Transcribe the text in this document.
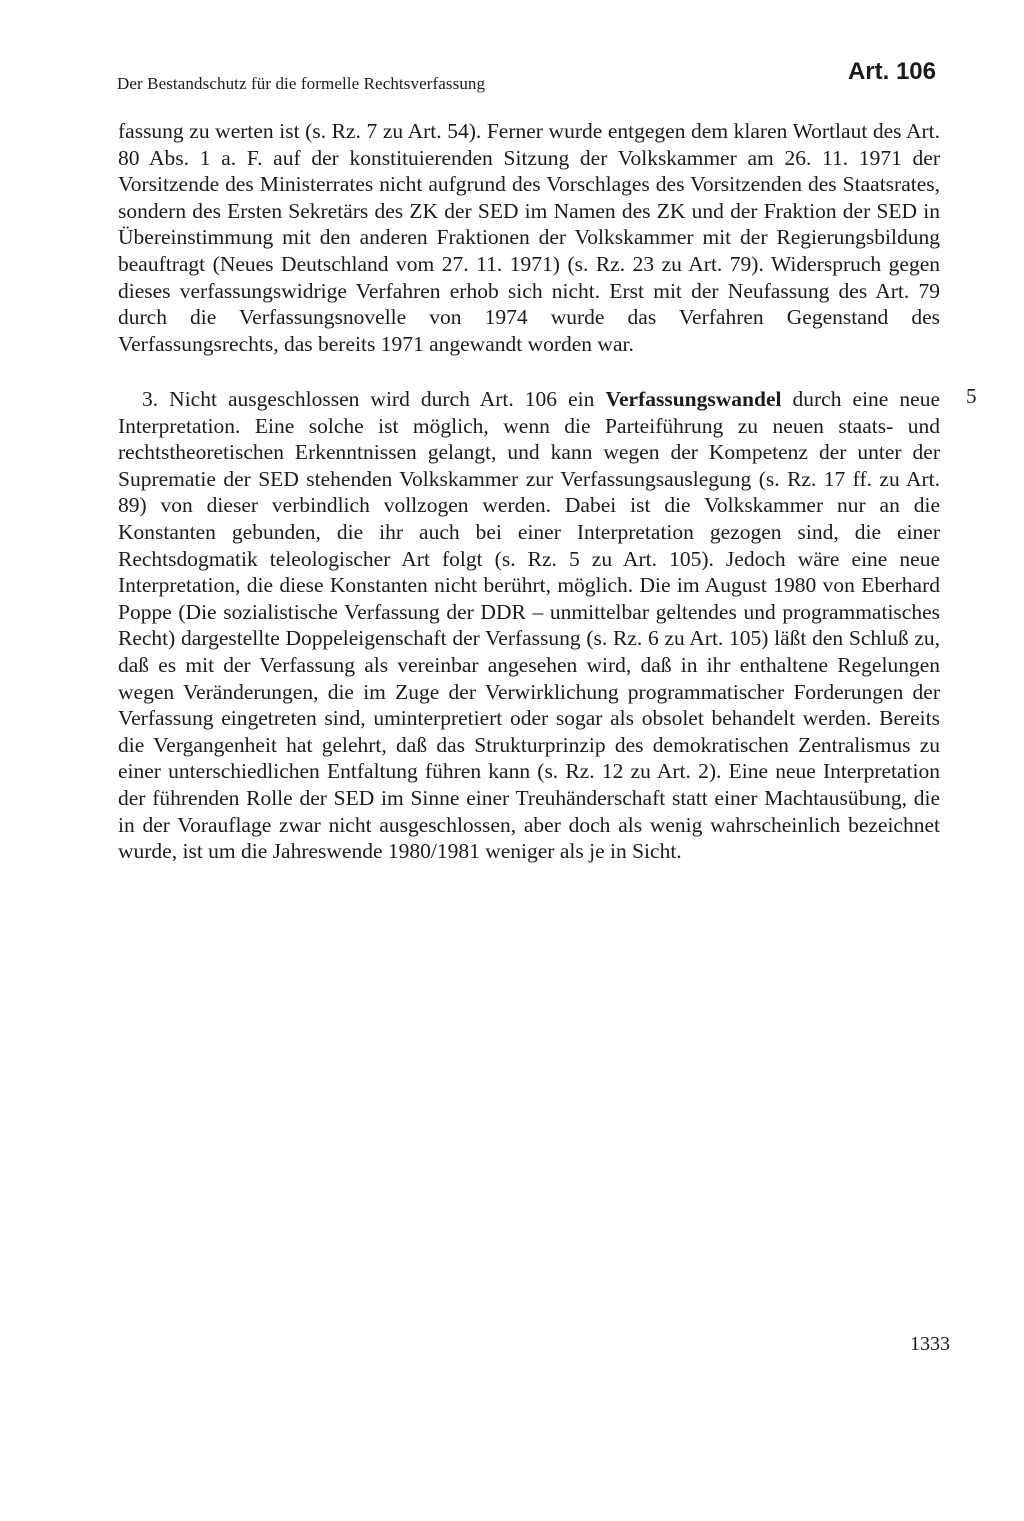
Der Bestandschutz für die formelle Rechtsverfassung	Art. 106
fassung zu werten ist (s. Rz. 7 zu Art. 54). Ferner wurde entgegen dem klaren Wortlaut des Art. 80 Abs. 1 a. F. auf der konstituierenden Sitzung der Volkskammer am 26. 11. 1971 der Vorsitzende des Ministerrates nicht aufgrund des Vorschlages des Vorsitzenden des Staatsrates, sondern des Ersten Sekretärs des ZK der SED im Namen des ZK und der Fraktion der SED in Übereinstimmung mit den anderen Fraktionen der Volkskammer mit der Regierungsbildung beauftragt (Neues Deutschland vom 27. 11. 1971) (s. Rz. 23 zu Art. 79). Widerspruch gegen dieses verfassungswidrige Verfahren erhob sich nicht. Erst mit der Neufassung des Art. 79 durch die Verfassungsnovelle von 1974 wurde das Verfahren Gegenstand des Verfassungsrechts, das bereits 1971 angewandt worden war.
5
3. Nicht ausgeschlossen wird durch Art. 106 ein Verfassungswandel durch eine neue Interpretation. Eine solche ist möglich, wenn die Parteiführung zu neuen staats- und rechtstheoretischen Erkenntnissen gelangt, und kann wegen der Kompetenz der unter der Suprematie der SED stehenden Volkskammer zur Verfassungsauslegung (s. Rz. 17 ff. zu Art. 89) von dieser verbindlich vollzogen werden. Dabei ist die Volkskammer nur an die Konstanten gebunden, die ihr auch bei einer Interpretation gezogen sind, die einer Rechtsdogmatik teleologischer Art folgt (s. Rz. 5 zu Art. 105). Jedoch wäre eine neue Interpretation, die diese Konstanten nicht berührt, möglich. Die im August 1980 von Eberhard Poppe (Die sozialistische Verfassung der DDR – unmittelbar geltendes und programmatisches Recht) dargestellte Doppeleigenschaft der Verfassung (s. Rz. 6 zu Art. 105) läßt den Schluß zu, daß es mit der Verfassung als vereinbar angesehen wird, daß in ihr enthaltene Regelungen wegen Veränderungen, die im Zuge der Verwirklichung programmatischer Forderungen der Verfassung eingetreten sind, uminterpretiert oder sogar als obsolet behandelt werden. Bereits die Vergangenheit hat gelehrt, daß das Strukturprinzip des demokratischen Zentralismus zu einer unterschiedlichen Entfaltung führen kann (s. Rz. 12 zu Art. 2). Eine neue Interpretation der führenden Rolle der SED im Sinne einer Treuhänderschaft statt einer Machtausübung, die in der Vorauflage zwar nicht ausgeschlossen, aber doch als wenig wahrscheinlich bezeichnet wurde, ist um die Jahreswende 1980/1981 weniger als je in Sicht.
1333
